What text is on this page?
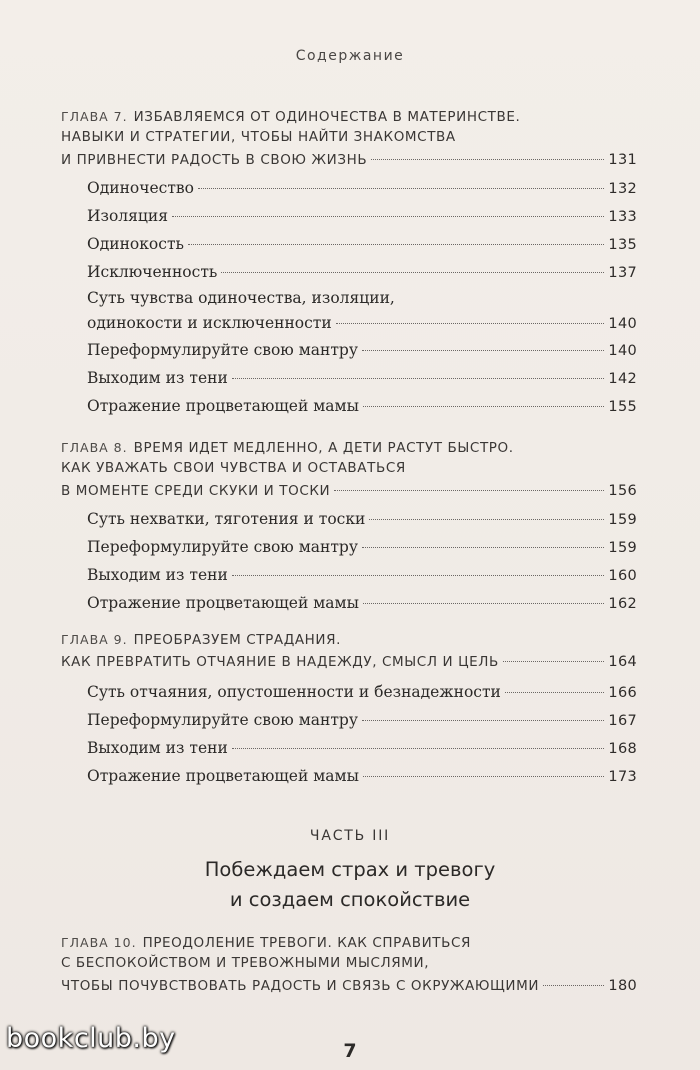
Содержание
ГЛАВА 7. ИЗБАВЛЯЕМСЯ ОТ ОДИНОЧЕСТВА В МАТЕРИНСТВЕ.
НАВЫКИ И СТРАТЕГИИ, ЧТОБЫ НАЙТИ ЗНАКОМСТВА
И ПРИВНЕСТИ РАДОСТЬ В СВОЮ ЖИЗНЬ	131
Одиночество	132
Изоляция	133
Одинокость	135
Исключенность	137
Суть чувства одиночества, изоляции,
одинокости и исключенности	140
Переформулируйте свою мантру	140
Выходим из тени	142
Отражение процветающей мамы	155
ГЛАВА 8. ВРЕМЯ ИДЕТ МЕДЛЕННО, А ДЕТИ РАСТУТ БЫСТРО.
КАК УВАЖАТЬ СВОИ ЧУВСТВА И ОСТАВАТЬСЯ
В МОМЕНТЕ СРЕДИ СКУКИ И ТОСКИ	156
Суть нехватки, тяготения и тоски	159
Переформулируйте свою мантру	159
Выходим из тени	160
Отражение процветающей мамы	162
ГЛАВА 9. ПРЕОБРАЗУЕМ СТРАДАНИЯ.
КАК ПРЕВРАТИТЬ ОТЧАЯНИЕ В НАДЕЖДУ, СМЫСЛ И ЦЕЛЬ	164
Суть отчаяния, опустошенности и безнадежности	166
Переформулируйте свою мантру	167
Выходим из тени	168
Отражение процветающей мамы	173
ЧАСТЬ III
Побеждаем страх и тревогу
и создаем спокойствие
ГЛАВА 10. ПРЕОДОЛЕНИЕ ТРЕВОГИ. КАК СПРАВИТЬСЯ
С БЕСПОКОЙСТВОМ И ТРЕВОЖНЫМИ МЫСЛЯМИ,
ЧТОБЫ ПОЧУВСТВОВАТЬ РАДОСТЬ И СВЯЗЬ С ОКРУЖАЮЩИМИ	180
7
bookclub.by
